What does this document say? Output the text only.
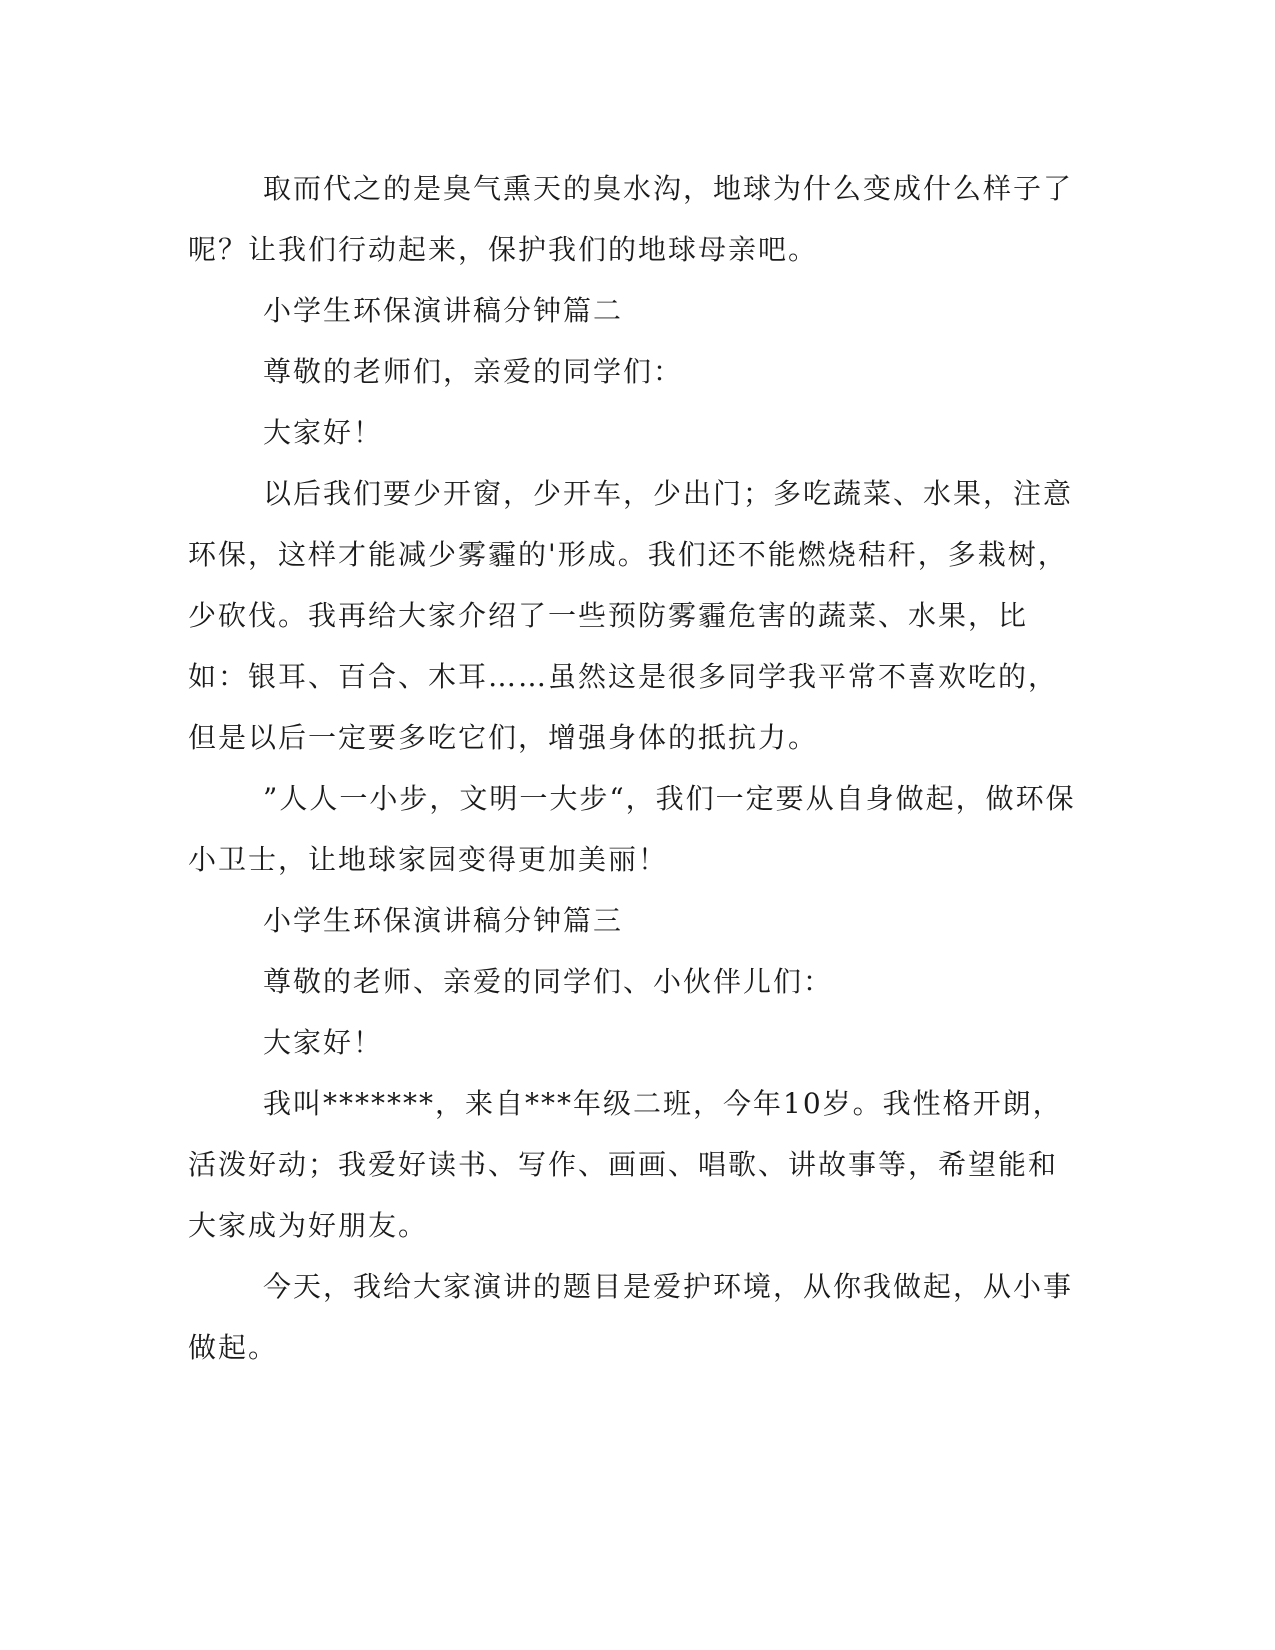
取而代之的是臭气熏天的臭水沟，地球为什么变成什么样子了呢？让我们行动起来，保护我们的地球母亲吧。

小学生环保演讲稿分钟篇二

尊敬的老师们，亲爱的同学们：

大家好！

以后我们要少开窗，少开车，少出门；多吃蔬菜、水果，注意环保，这样才能减少雾霾的'形成。我们还不能燃烧秸秆，多栽树，少砍伐。我再给大家介绍了一些预防雾霾危害的蔬菜、水果，比如：银耳、百合、木耳……虽然这是很多同学我平常不喜欢吃的，但是以后一定要多吃它们，增强身体的抵抗力。

”人人一小步，文明一大步“，我们一定要从自身做起，做环保小卫士，让地球家园变得更加美丽！

小学生环保演讲稿分钟篇三

尊敬的老师、亲爱的同学们、小伙伴儿们：

大家好！

我叫*******，来自***年级二班，今年10岁。我性格开朗，活泼好动；我爱好读书、写作、画画、唱歌、讲故事等，希望能和大家成为好朋友。

今天，我给大家演讲的题目是爱护环境，从你我做起，从小事做起。
